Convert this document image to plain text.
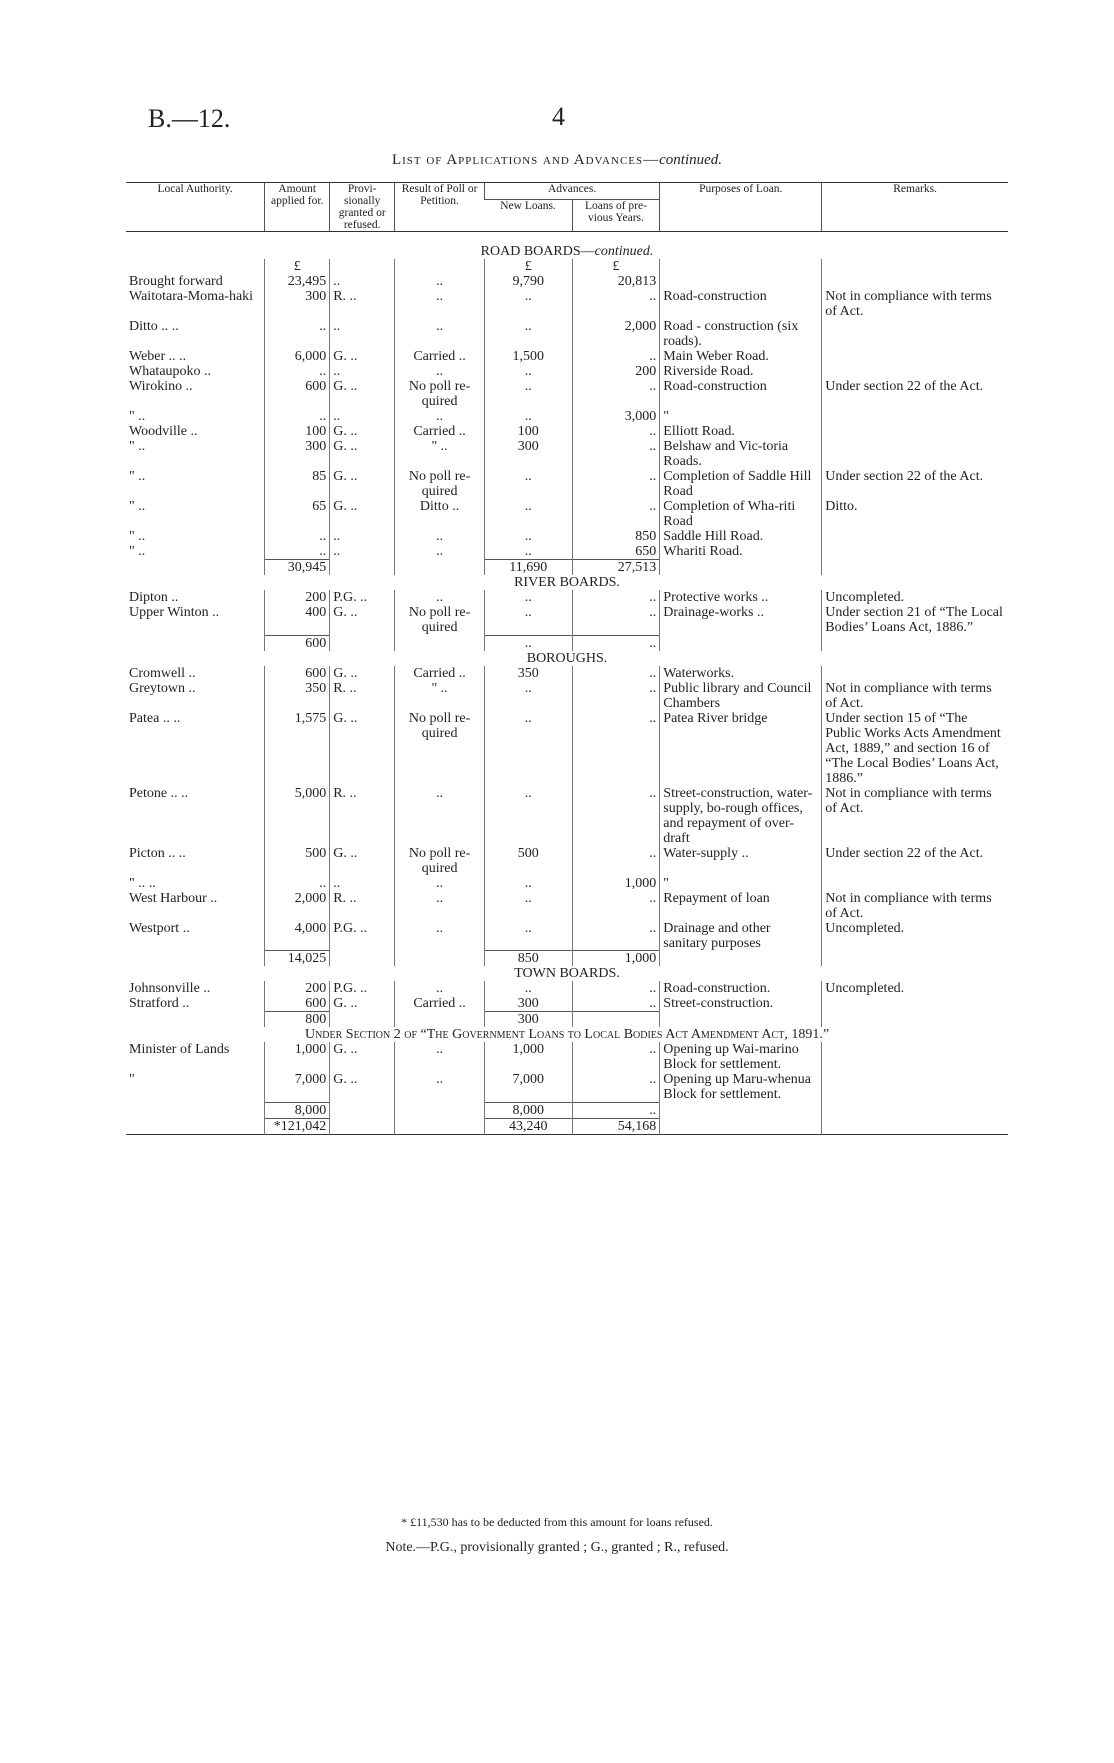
B.—12.	4
List of Applications and Advances—continued.
Local Authority.	Amount applied for.	Provi-sionally granted or refused.	Result of Poll or Petition.	Advances.		Purposes of Loan.	Remarks.
				New Loans.	Loans of pre-vious Years.		
ROAD BOARDS—continued.							
	£			£	£		
Brought forward	23,495	..	..	9,790	20,813		
Waitotara-Moma-haki	300	R. ..	..	..	..	Road-construction	Not in compliance with terms of Act.
Ditto .. ..	..	..	..	..	2,000	Road - construction (six roads).	
Weber .. ..	6,000	G. ..	Carried ..	1,500	..	Main Weber Road.	
Whataupoko ..	..	..	..	..	200	Riverside Road.	
Wirokino ..	600	G. ..	No poll re-quired	..	..	Road-construction	Under section 22 of the Act.
" ..	..	..	..	..	3,000	"	
Woodville ..	100	G. ..	Carried ..	100	..	Elliott Road.	
" ..	300	G. ..	" ..	300	..	Belshaw and Vic-toria Roads.	
" ..	85	G. ..	No poll re-quired	..	..	Completion of Saddle Hill Road	Under section 22 of the Act.
" ..	65	G. ..	Ditto ..	..	..	Completion of Wha-riti Road	Ditto.
" ..	..	..	..	..	850	Saddle Hill Road.	
" ..	..	..	..	..	650	Whariti Road.	
	30,945			11,690	27,513		
RIVER BOARDS.							
Dipton ..	200	P.G. ..	..	..	..	Protective works ..	Uncompleted.
Upper Winton ..	400	G. ..	No poll re-quired	..	..	Drainage-works ..	Under section 21 of “The Local Bodies’ Loans Act, 1886.”
	600			..	..		
BOROUGHS.							
Cromwell ..	600	G. ..	Carried ..	350	..	Waterworks.	
Greytown ..	350	R. ..	" ..	..	..	Public library and Council Chambers	Not in compliance with terms of Act.
Patea .. ..	1,575	G. ..	No poll re-quired	..	..	Patea River bridge	Under section 15 of “The Public Works Acts Amendment Act, 1889,” and section 16 of “The Local Bodies’ Loans Act, 1886.”
Petone .. ..	5,000	R. ..	..	..	..	Street-construction, water-supply, bo-rough offices, and repayment of over-draft	Not in compliance with terms of Act.
Picton .. ..	500	G. ..	No poll re-quired	500	..	Water-supply ..	Under section 22 of the Act.
" .. ..	..	..	..	..	1,000	"	
West Harbour ..	2,000	R. ..	..	..	..	Repayment of loan	Not in compliance with terms of Act.
Westport ..	4,000	P.G. ..	..	..	..	Drainage and other sanitary purposes	Uncompleted.
	14,025			850	1,000		
TOWN BOARDS.							
Johnsonville ..	200	P.G. ..	..	..	..	Road-construction.	Uncompleted.
Stratford ..	600	G. ..	Carried ..	300	..	Street-construction.	
	800			300			
Under Section 2 of “The Government Loans to Local Bodies Act Amendment Act, 1891.”							
Minister of Lands	1,000	G. ..	..	1,000	..	Opening up Wai-marino Block for settlement.	
"	7,000	G. ..	..	7,000	..	Opening up Maru-whenua Block for settlement.	
	8,000			8,000	..		
	*121,042			43,240	54,168		

* £11,530 has to be deducted from this amount for loans refused.
Note.—P.G., provisionally granted ; G., granted ; R., refused.
